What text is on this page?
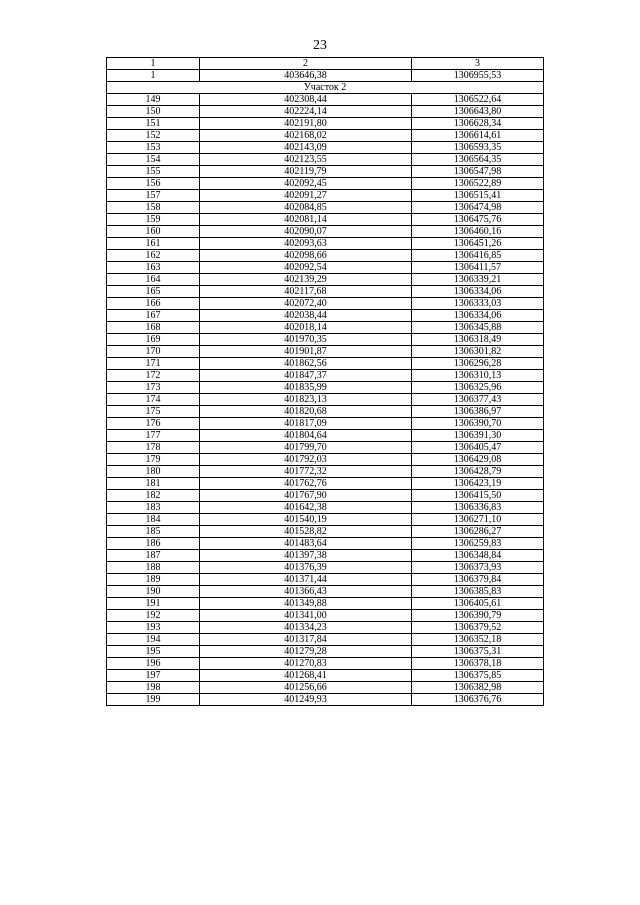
23
1	2	3
1	403646,38	1306955,53
Участок 2		
149	402308,44	1306522,64
150	402224,14	1306643,80
151	402191,80	1306628,34
152	402168,02	1306614,61
153	402143,09	1306593,35
154	402123,55	1306564,35
155	402119,79	1306547,98
156	402092,45	1306522,89
157	402091,27	1306515,41
158	402084,85	1306474,98
159	402081,14	1306475,76
160	402090,07	1306460,16
161	402093,63	1306451,26
162	402098,66	1306416,85
163	402092,54	1306411,57
164	402139,29	1306339,21
165	402117,68	1306334,06
166	402072,40	1306333,03
167	402038,44	1306334,06
168	402018,14	1306345,88
169	401970,35	1306318,49
170	401901,87	1306301,82
171	401862,56	1306296,28
172	401847,37	1306310,13
173	401835,99	1306325,96
174	401823,13	1306377,43
175	401820,68	1306386,97
176	401817,09	1306390,70
177	401804,64	1306391,30
178	401799,70	1306405,47
179	401792,03	1306429,08
180	401772,32	1306428,79
181	401762,76	1306423,19
182	401767,90	1306415,50
183	401642,38	1306336,83
184	401540,19	1306271,10
185	401528,82	1306286,27
186	401483,64	1306259,83
187	401397,38	1306348,84
188	401376,39	1306373,93
189	401371,44	1306379,84
190	401366,43	1306385,83
191	401349,88	1306405,61
192	401341,00	1306390,79
193	401334,23	1306379,52
194	401317,84	1306352,18
195	401279,28	1306375,31
196	401270,83	1306378,18
197	401268,41	1306375,85
198	401256,66	1306382,98
199	401249,93	1306376,76
